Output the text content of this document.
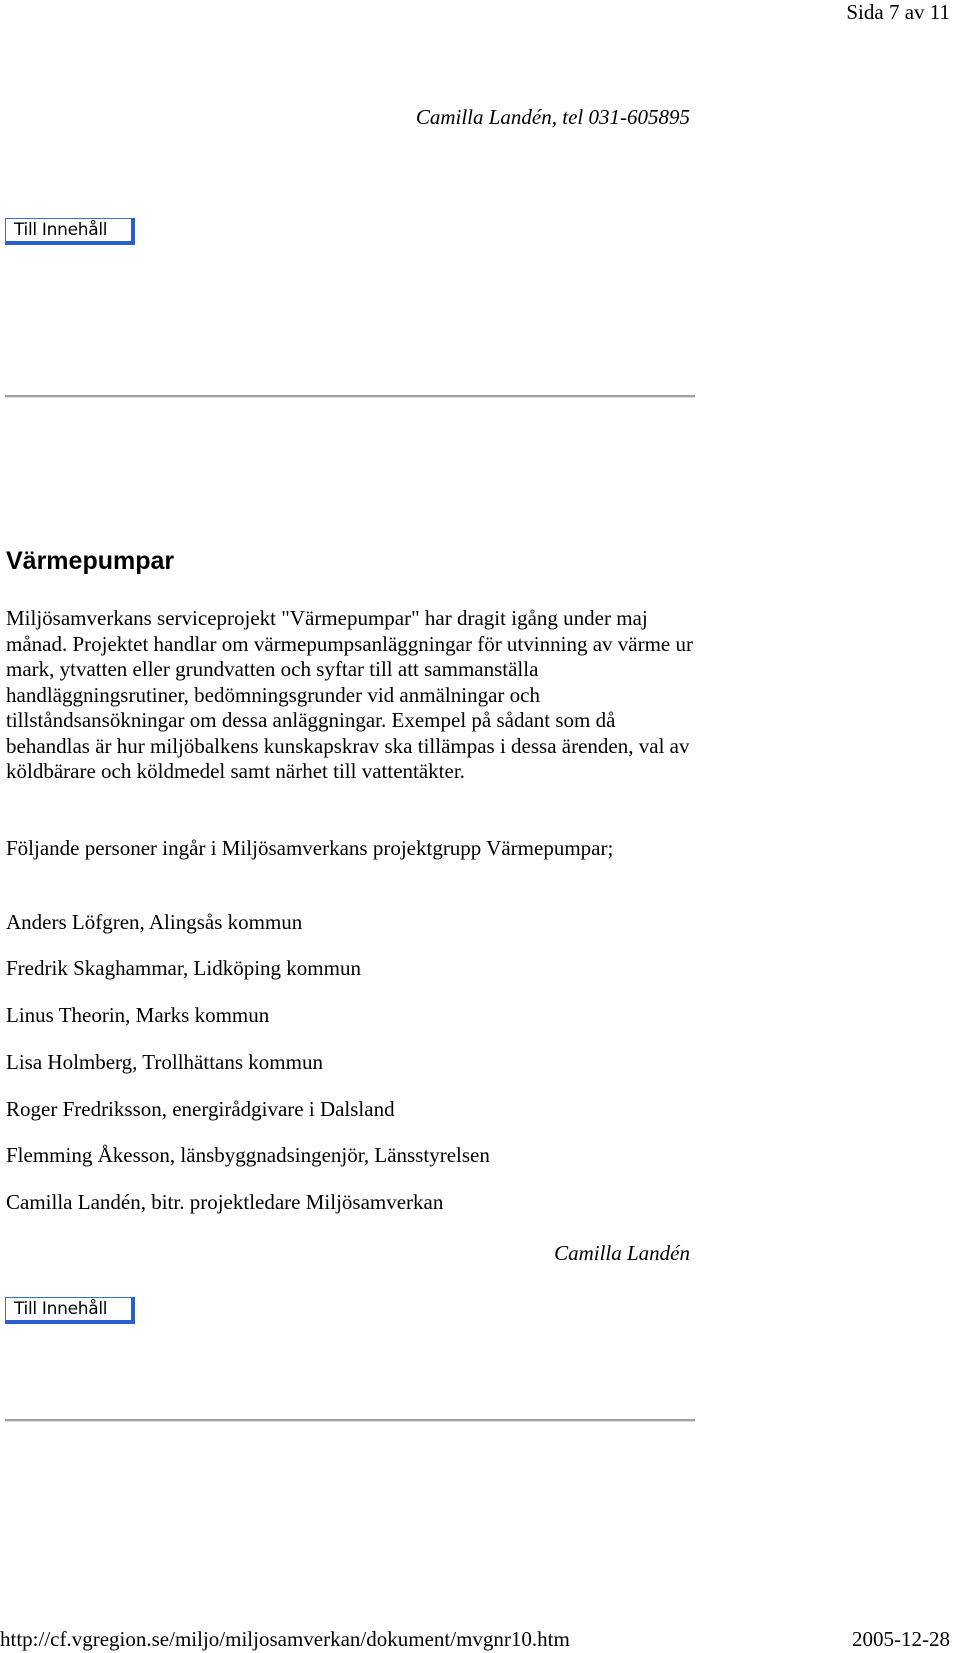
Sida 7 av 11
Camilla Landén, tel 031-605895
Till Innehåll
Värmepumpar

Miljösamverkans serviceprojekt "Värmepumpar" har dragit igång under maj månad. Projektet handlar om värmepumpsanläggningar för utvinning av värme ur mark, ytvatten eller grundvatten och syftar till att sammanställa handläggningsrutiner, bedömningsgrunder vid anmälningar och tillståndsansökningar om dessa anläggningar. Exempel på sådant som då behandlas är hur miljöbalkens kunskapskrav ska tillämpas i dessa ärenden, val av köldbärare och köldmedel samt närhet till vattentäkter.

Följande personer ingår i Miljösamverkans projektgrupp Värmepumpar;

Anders Löfgren, Alingsås kommun

Fredrik Skaghammar, Lidköping kommun

Linus Theorin, Marks kommun

Lisa Holmberg, Trollhättans kommun

Roger Fredriksson, energirådgivare i Dalsland

Flemming Åkesson, länsbyggnadsingenjör, Länsstyrelsen

Camilla Landén, bitr. projektledare Miljösamverkan

Camilla Landén
Till Innehåll
http://cf.vgregion.se/miljo/miljosamverkan/dokument/mvgnr10.htm	2005-12-28
